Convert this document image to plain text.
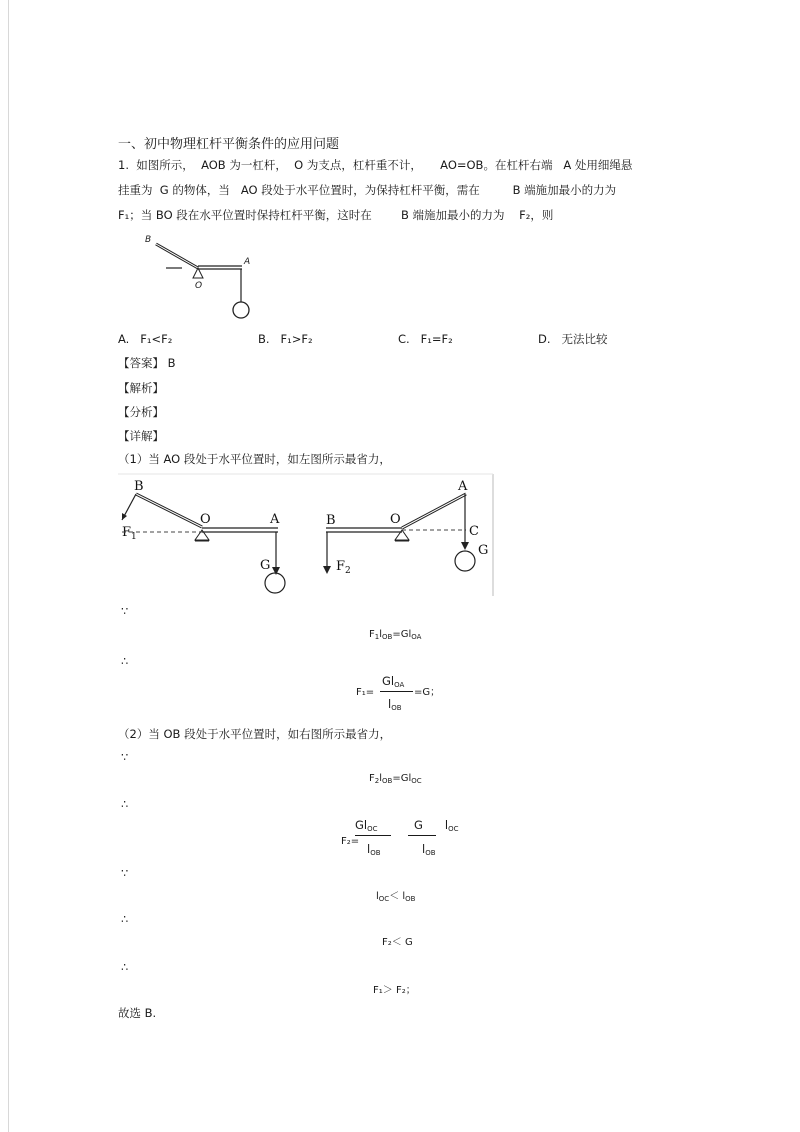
一、初中物理杠杆平衡条件的应用问题
1.  如图所示，  AOB 为一杠杆，  O 为支点，杠杆重不计，     AO=OB。在杠杆右端   A 处用细绳悬
挂重为  G 的物体，当   AO 段处于水平位置时，为保持杠杆平衡，需在         B 端施加最小的力为
F₁；当 BO 段在水平位置时保持杠杆平衡，这时在        B 端施加最小的力为    F₂，则
B
A
O
A. F₁<F₂	B. F₁>F₂	C. F₁=F₂	D. 无法比较
【答案】 B
【解析】
【分析】
【详解】
（1）当 AO 段处于水平位置时，如左图所示最省力，
B
$F_1$
O	A
G
B
$F_2$
O
A
C
G
∵
$F_1l_{OB}=Gl_{OA}$
∴
F₁=
$Gl_{OA}$
=G；
$l_{OB}$
（2）当 OB 段处于水平位置时，如右图所示最省力，
∵
$F_2l_{OB}=Gl_{OC}$
∴
F₂=
$Gl_{OC}$
$l_{OB}$
G $l_{OC}$
$l_{OB}$
∵
$l_{OC}< l_{OB}$
∴
F₂＜ G
∴
F₁＞ F₂；
故选 B.
